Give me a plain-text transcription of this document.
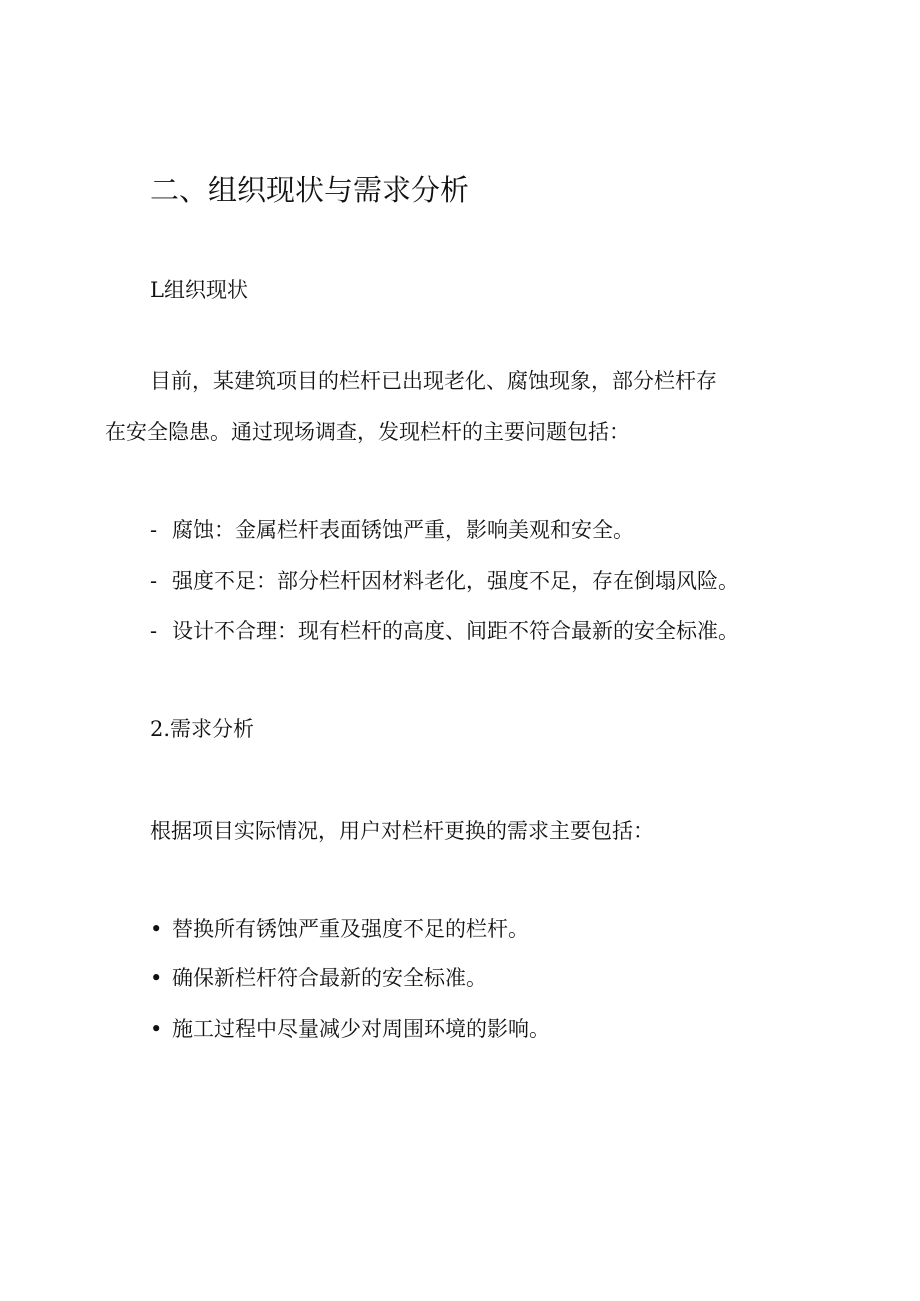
二、组织现状与需求分析

L组织现状

目前，某建筑项目的栏杆已出现老化、腐蚀现象，部分栏杆存

在安全隐患。通过现场调查，发现栏杆的主要问题包括：

- 腐蚀：金属栏杆表面锈蚀严重，影响美观和安全。
- 强度不足：部分栏杆因材料老化，强度不足，存在倒塌风险。
- 设计不合理：现有栏杆的高度、间距不符合最新的安全标准。

2.需求分析

根据项目实际情况，用户对栏杆更换的需求主要包括：

• 替换所有锈蚀严重及强度不足的栏杆。
• 确保新栏杆符合最新的安全标准。
• 施工过程中尽量减少对周围环境的影响。
